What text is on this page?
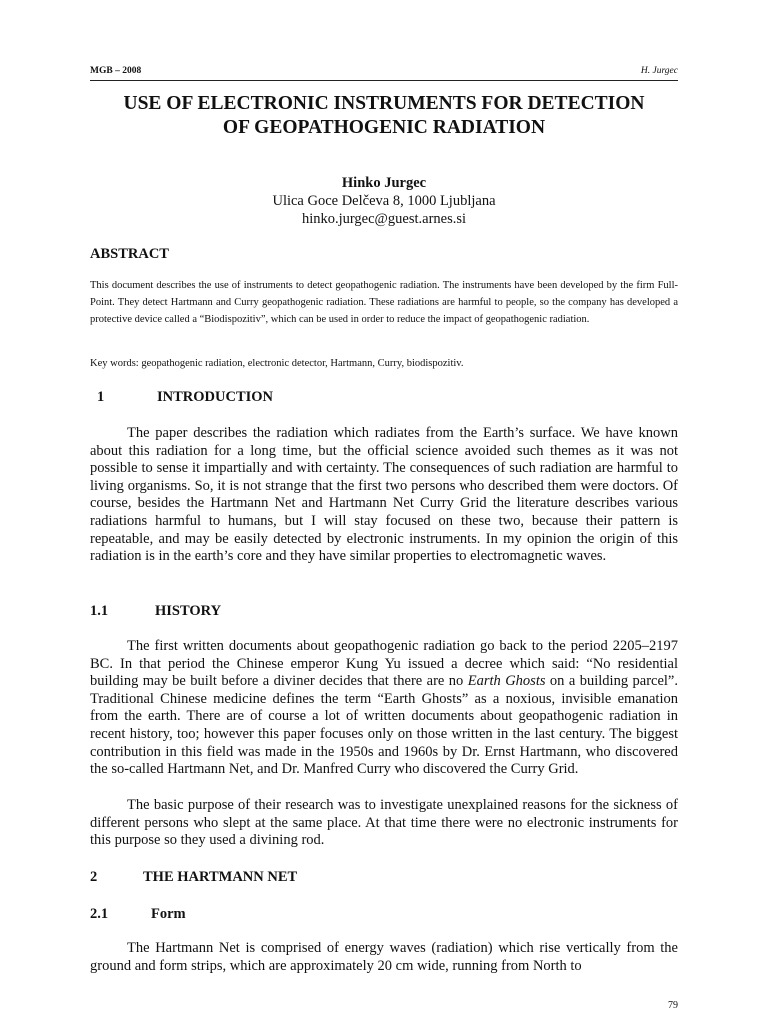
MGB – 2008	H. Jurgec
USE OF ELECTRONIC INSTRUMENTS FOR DETECTION
OF GEOPATHOGENIC RADIATION
Hinko Jurgec
Ulica Goce Delčeva 8, 1000 Ljubljana
hinko.jurgec@guest.arnes.si
ABSTRACT
This document describes the use of instruments to detect geopathogenic radiation. The instruments have been developed by the firm Full-Point. They detect Hartmann and Curry geopathogenic radiation. These radiations are harmful to people, so the company has developed a protective device called a “Biodispozitiv”, which can be used in order to reduce the impact of geopathogenic radiation.
Key words: geopathogenic radiation, electronic detector, Hartmann, Curry, biodispozitiv.
1	INTRODUCTION
The paper describes the radiation which radiates from the Earth’s surface. We have known about this radiation for a long time, but the official science avoided such themes as it was not possible to sense it impartially and with certainty. The consequences of such radiation are harmful to living organisms. So, it is not strange that the first two persons who described them were doctors. Of course, besides the Hartmann Net and Hartmann Net Curry Grid the literature describes various radiations harmful to humans, but I will stay focused on these two, because their pattern is repeatable, and may be easily detected by electronic instruments. In my opinion the origin of this radiation is in the earth’s core and they have similar properties to electromagnetic waves.
1.1	HISTORY
The first written documents about geopathogenic radiation go back to the period 2205–2197 BC. In that period the Chinese emperor Kung Yu issued a decree which said: “No residential building may be built before a diviner decides that there are no Earth Ghosts on a building parcel”. Traditional Chinese medicine defines the term “Earth Ghosts” as a noxious, invisible emanation from the earth. There are of course a lot of written documents about geopathogenic radiation in recent history, too; however this paper focuses only on those written in the last century. The biggest contribution in this field was made in the 1950s and 1960s by Dr. Ernst Hartmann, who discovered the so-called Hartmann Net, and Dr. Manfred Curry who discovered the Curry Grid.
The basic purpose of their research was to investigate unexplained reasons for the sickness of different persons who slept at the same place. At that time there were no electronic instruments for this purpose so they used a divining rod.
2	THE HARTMANN NET
2.1	Form
The Hartmann Net is comprised of energy waves (radiation) which rise vertically from the ground and form strips, which are approximately 20 cm wide, running from North to
79
